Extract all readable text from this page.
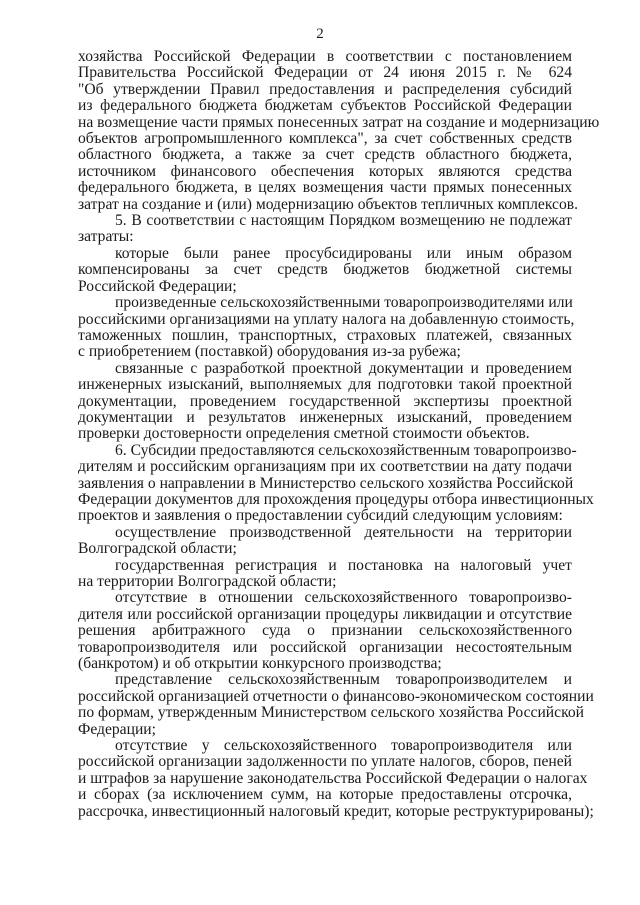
2
хозяйства Российской Федерации в соответствии с постановлением
Правительства Российской Федерации от 24 июня 2015 г. № 624
"Об утверждении Правил предоставления и распределения субсидий
из федерального бюджета бюджетам субъектов Российской Федерации
на возмещение части прямых понесенных затрат на создание и модернизацию
объектов агропромышленного комплекса", за счет собственных средств
областного бюджета, а также за счет средств областного бюджета,
источником финансового обеспечения которых являются средства
федерального бюджета, в целях возмещения части прямых понесенных
затрат на создание и (или) модернизацию объектов тепличных комплексов.
5. В соответствии с настоящим Порядком возмещению не подлежат
затраты:
которые были ранее просубсидированы или иным образом
компенсированы за счет средств бюджетов бюджетной системы
Российской Федерации;
произведенные сельскохозяйственными товаропроизводителями или
российскими организациями на уплату налога на добавленную стоимость,
таможенных пошлин, транспортных, страховых платежей, связанных
с приобретением (поставкой) оборудования из-за рубежа;
связанные с разработкой проектной документации и проведением
инженерных изысканий, выполняемых для подготовки такой проектной
документации, проведением государственной экспертизы проектной
документации и результатов инженерных изысканий, проведением
проверки достоверности определения сметной стоимости объектов.
6. Субсидии предоставляются сельскохозяйственным товаропроизво-
дителям и российским организациям при их соответствии на дату подачи
заявления о направлении в Министерство сельского хозяйства Российской
Федерации документов для прохождения процедуры отбора инвестиционных
проектов и заявления о предоставлении субсидий следующим условиям:
осуществление производственной деятельности на территории
Волгоградской области;
государственная регистрация и постановка на налоговый учет
на территории Волгоградской области;
отсутствие в отношении сельскохозяйственного товаропроизво-
дителя или российской организации процедуры ликвидации и отсутствие
решения арбитражного суда о признании сельскохозяйственного
товаропроизводителя или российской организации несостоятельным
(банкротом) и об открытии конкурсного производства;
представление сельскохозяйственным товаропроизводителем и
российской организацией отчетности о финансово-экономическом состоянии
по формам, утвержденным Министерством сельского хозяйства Российской
Федерации;
отсутствие у сельскохозяйственного товаропроизводителя или
российской организации задолженности по уплате налогов, сборов, пеней
и штрафов за нарушение законодательства Российской Федерации о налогах
и сборах (за исключением сумм, на которые предоставлены отсрочка,
рассрочка, инвестиционный налоговый кредит, которые реструктурированы);
